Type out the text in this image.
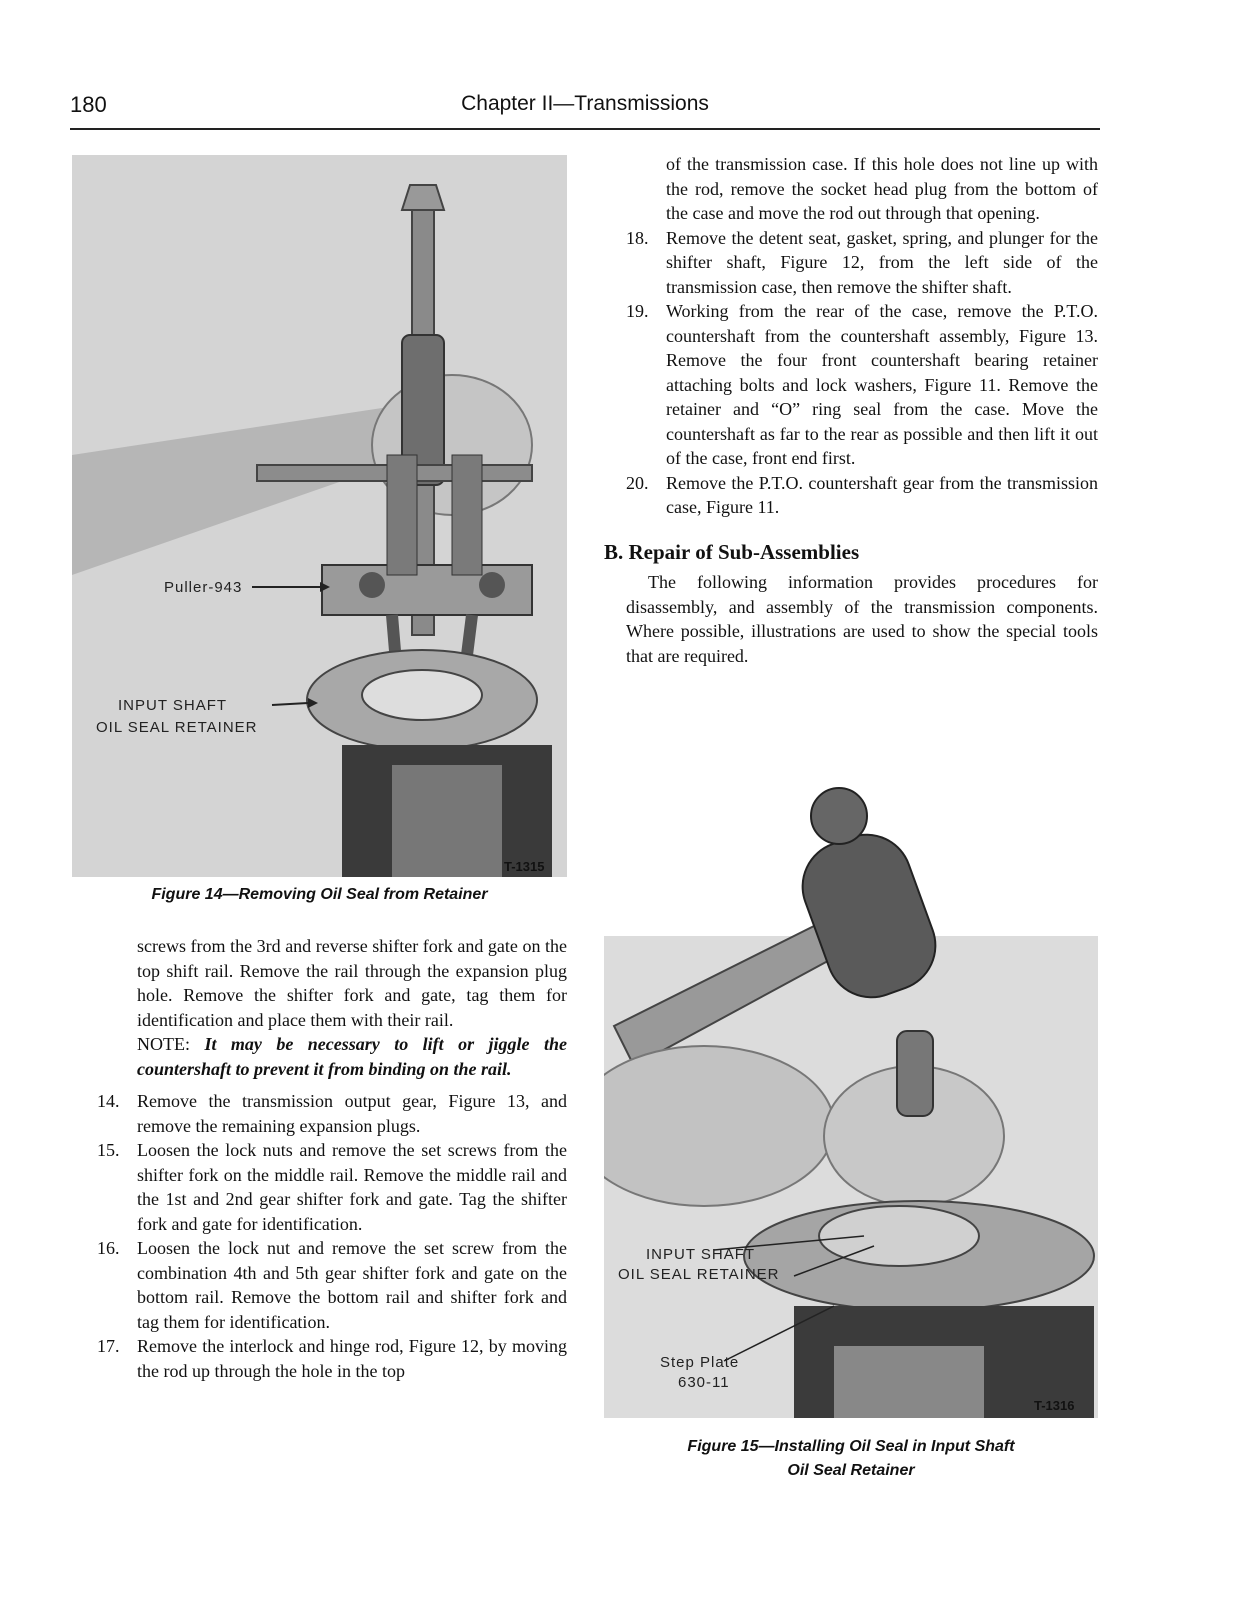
180	Chapter II—Transmissions
Puller-943
INPUT SHAFT
OIL SEAL RETAINER
T-1315
Figure 14—Removing Oil Seal from Retainer

of the transmission case. If this hole does not line up with the rod, remove the socket head plug from the bottom of the case and move the rod out through that opening.

18. Remove the detent seat, gasket, spring, and plunger for the shifter shaft, Figure 12, from the left side of the transmission case, then remove the shifter shaft.

19. Working from the rear of the case, remove the P.T.O. countershaft from the countershaft assembly, Figure 13. Remove the four front countershaft bearing retainer attaching bolts and lock washers, Figure 11. Remove the retainer and “O” ring seal from the case. Move the countershaft as far to the rear as possible and then lift it out of the case, front end first.

20. Remove the P.T.O. countershaft gear from the transmission case, Figure 11.

B. Repair of Sub-Assemblies

The following information provides procedures for disassembly, and assembly of the transmission components. Where possible, illustrations are used to show the special tools that are required.

INPUT SHAFT
OIL SEAL RETAINER
Step Plate
630-11
T-1316
Figure 15—Installing Oil Seal in Input Shaft
Oil Seal Retainer

screws from the 3rd and reverse shifter fork and gate on the top shift rail. Remove the rail through the expansion plug hole. Remove the shifter fork and gate, tag them for identification and place them with their rail.

NOTE: It may be necessary to lift or jiggle the countershaft to prevent it from binding on the rail.

14. Remove the transmission output gear, Figure 13, and remove the remaining expansion plugs.

15. Loosen the lock nuts and remove the set screws from the shifter fork on the middle rail. Remove the middle rail and the 1st and 2nd gear shifter fork and gate. Tag the shifter fork and gate for identification.

16. Loosen the lock nut and remove the set screw from the combination 4th and 5th gear shifter fork and gate on the bottom rail. Remove the bottom rail and shifter fork and tag them for identification.

17. Remove the interlock and hinge rod, Figure 12, by moving the rod up through the hole in the top
